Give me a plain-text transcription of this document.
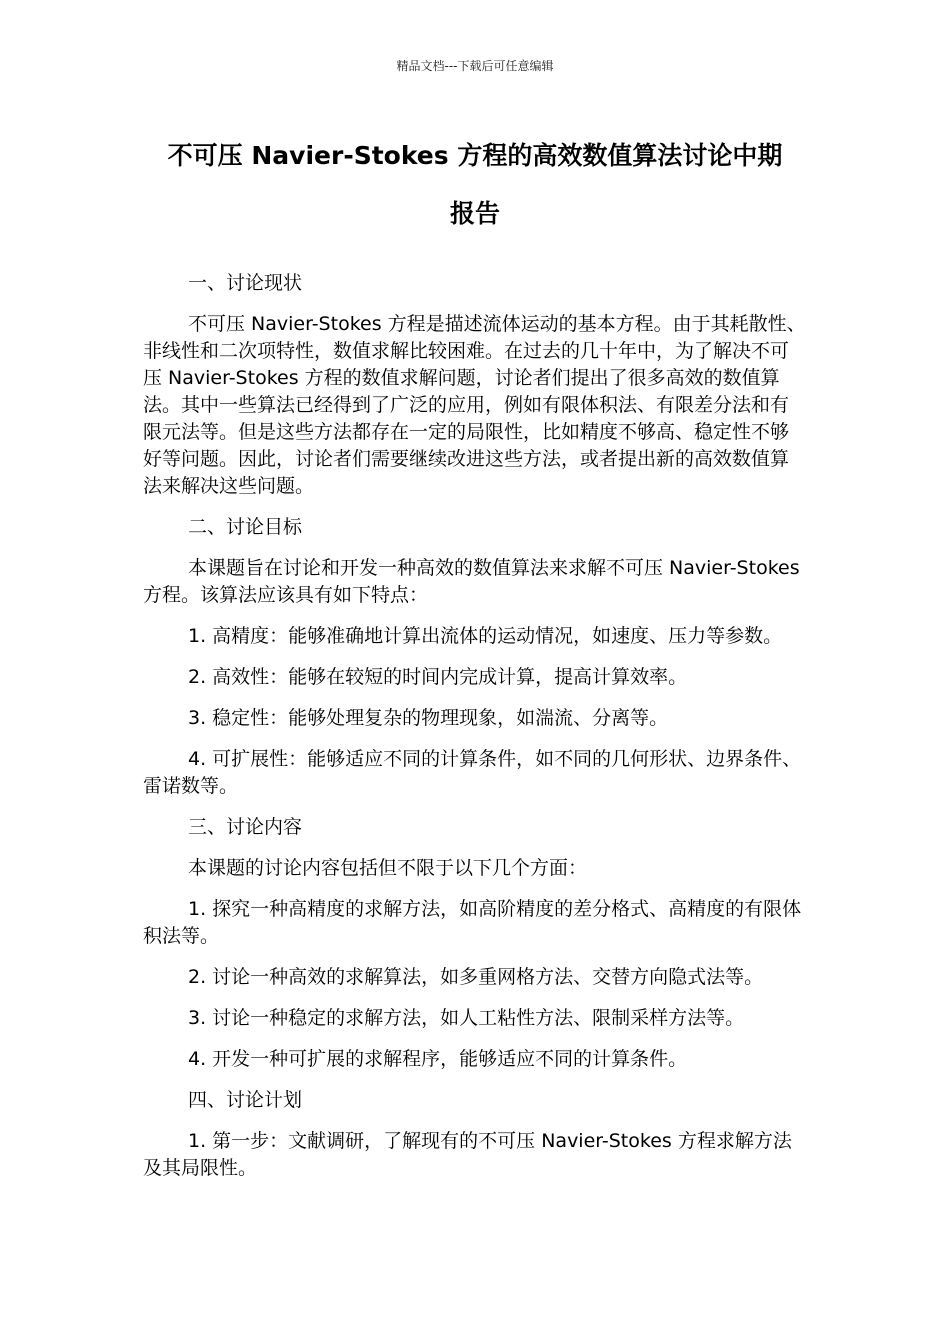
精品文档---下载后可任意编辑
不可压 Navier-Stokes 方程的高效数值算法讨论中期
报告

一、讨论现状

不可压 Navier-Stokes 方程是描述流体运动的基本方程。由于其耗散性、非线性和二次项特性，数值求解比较困难。在过去的几十年中，为了解决不可压 Navier-Stokes 方程的数值求解问题，讨论者们提出了很多高效的数值算法。其中一些算法已经得到了广泛的应用，例如有限体积法、有限差分法和有限元法等。但是这些方法都存在一定的局限性，比如精度不够高、稳定性不够好等问题。因此，讨论者们需要继续改进这些方法，或者提出新的高效数值算法来解决这些问题。

二、讨论目标

本课题旨在讨论和开发一种高效的数值算法来求解不可压 Navier-Stokes 方程。该算法应该具有如下特点：

1. 高精度：能够准确地计算出流体的运动情况，如速度、压力等参数。

2. 高效性：能够在较短的时间内完成计算，提高计算效率。

3. 稳定性：能够处理复杂的物理现象，如湍流、分离等。

4. 可扩展性：能够适应不同的计算条件，如不同的几何形状、边界条件、雷诺数等。

三、讨论内容

本课题的讨论内容包括但不限于以下几个方面：

1. 探究一种高精度的求解方法，如高阶精度的差分格式、高精度的有限体积法等。

2. 讨论一种高效的求解算法，如多重网格方法、交替方向隐式法等。

3. 讨论一种稳定的求解方法，如人工粘性方法、限制采样方法等。

4. 开发一种可扩展的求解程序，能够适应不同的计算条件。

四、讨论计划

1. 第一步：文献调研，了解现有的不可压 Navier-Stokes 方程求解方法及其局限性。
